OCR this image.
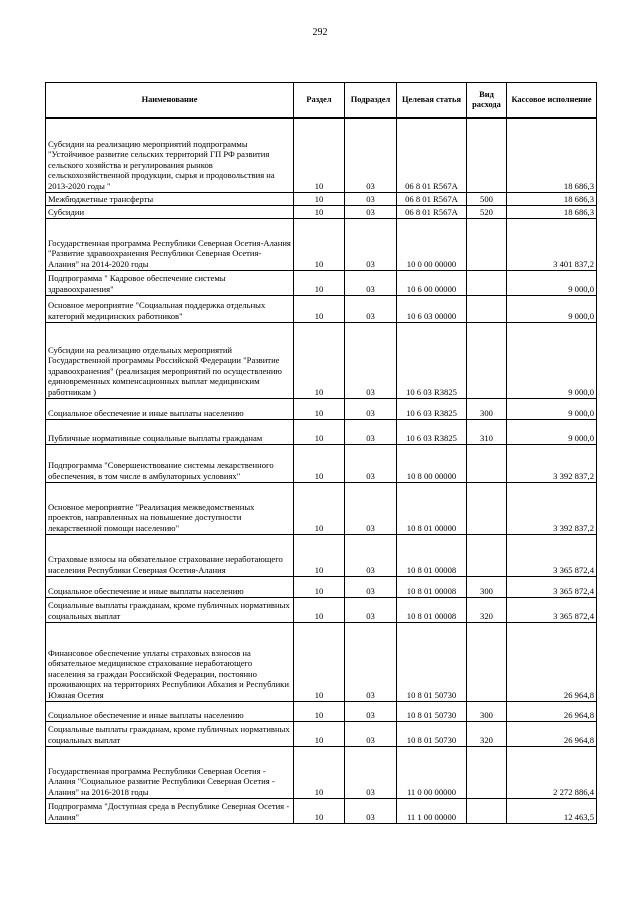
292
Наименование	Раздел	Подраздел	Целевая статья	Вид расхода	Кассовое исполнение
Субсидии на реализацию мероприятий подпрограммы "Устойчивое развитие сельских территорий ГП РФ развития сельского хозяйства и регулирования рынков сельскохозяйственной продукции, сырья и продовольствия на 2013-2020 годы "	10	03	06 8 01 R567A		18 686,3
Межбюджетные трансферты	10	03	06 8 01 R567A	500	18 686,3
Субсидии	10	03	06 8 01 R567A	520	18 686,3
Государственная программа Республики Северная Осетия-Алания "Развитие здравоохранения Республики Северная Осетия-Алания" на 2014-2020 годы	10	03	10 0 00 00000		3 401 837,2
Подпрограмма " Кадровое обеспечение системы здравоохранения"	10	03	10 6 00 00000		9 000,0
Основное мероприятие "Социальная поддержка отдельных категорий медицинских работников"	10	03	10 6 03 00000		9 000,0
Субсидии на реализацию отдельных мероприятий Государственной программы Российской Федерации "Развитие здравоохранения" (реализация мероприятий по осуществлению единовременных компенсационных выплат медицинским работникам )	10	03	10 6 03 R3825		9 000,0
Социальное обеспечение и иные выплаты населению	10	03	10 6 03 R3825	300	9 000,0
Публичные нормативные социальные выплаты гражданам	10	03	10 6 03 R3825	310	9 000,0
Подпрограмма "Совершенствование системы лекарственного обеспечения, в том числе в амбулаторных условиях"	10	03	10 8 00 00000		3 392 837,2
Основное мероприятие "Реализация межведомственных проектов, направленных на повышение доступности лекарственной помощи населению"	10	03	10 8 01 00000		3 392 837,2
Страховые взносы на обязательное страхование неработающего населения Республики Северная Осетия-Алания	10	03	10 8 01 00008		3 365 872,4
Социальное обеспечение и иные выплаты населению	10	03	10 8 01 00008	300	3 365 872,4
Социальные выплаты гражданам, кроме публичных нормативных социальных выплат	10	03	10 8 01 00008	320	3 365 872,4
Финансовое обеспечение уплаты страховых взносов на обязательное медицинское страхование неработающего населения за граждан Российской Федерации, постоянно проживающих на территориях Республики Абхазия и Республики Южная Осетия	10	03	10 8 01 50730		26 964,8
Социальное обеспечение и иные выплаты населению	10	03	10 8 01 50730	300	26 964,8
Социальные выплаты гражданам, кроме публичных нормативных социальных выплат	10	03	10 8 01 50730	320	26 964,8
Государственная программа Республики Северная Осетия - Алания "Социальное развитие Республики Северная Осетия - Алания" на 2016-2018 годы	10	03	11 0 00 00000		2 272 886,4
Подпрограмма "Доступная среда в Республике Северная Осетия - Алания"	10	03	11 1 00 00000		12 463,5
